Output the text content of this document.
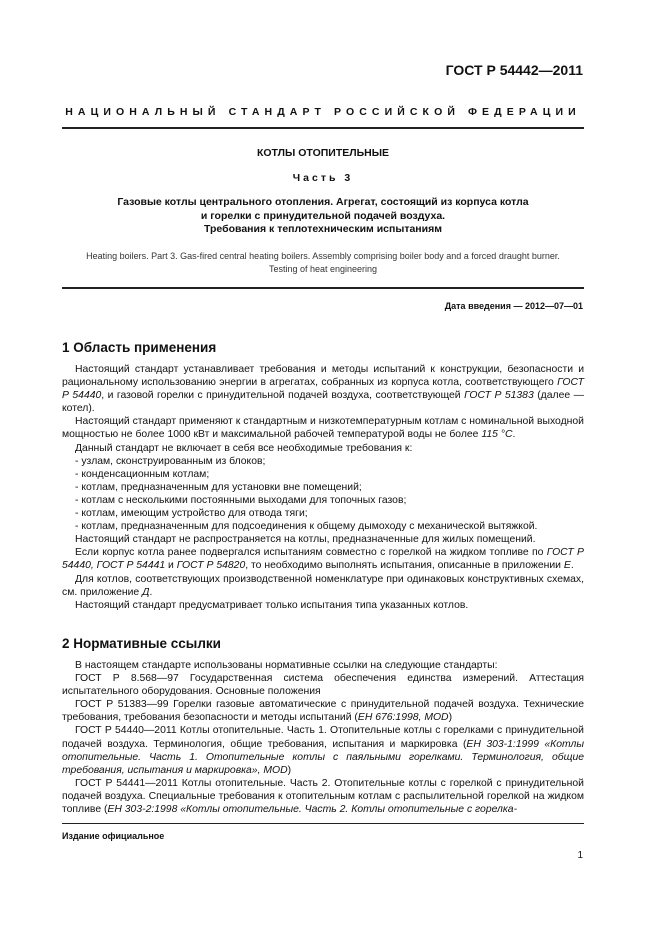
ГОСТ Р 54442—2011
НАЦИОНАЛЬНЫЙ СТАНДАРТ РОССИЙСКОЙ ФЕДЕРАЦИИ
КОТЛЫ ОТОПИТЕЛЬНЫЕ
Часть 3
Газовые котлы центрального отопления. Агрегат, состоящий из корпуса котла
и горелки с принудительной подачей воздуха.
Требования к теплотехническим испытаниям
Heating boilers. Part 3. Gas-fired central heating boilers. Assembly comprising boiler body and a forced draught burner.
Testing of heat engineering
Дата введения — 2012—07—01
1 Область применения

Настоящий стандарт устанавливает требования и методы испытаний к конструкции, безопасности и рациональному использованию энергии в агрегатах, собранных из корпуса котла, соответствующего ГОСТ Р 54440, и газовой горелки с принудительной подачей воздуха, соответствующей ГОСТ Р 51383 (далее — котел).

Настоящий стандарт применяют к стандартным и низкотемпературным котлам с номинальной выходной мощностью не более 1000 кВт и максимальной рабочей температурой воды не более 115 °С.

Данный стандарт не включает в себя все необходимые требования к:

- узлам, сконструированным из блоков;

- конденсационным котлам;

- котлам, предназначенным для установки вне помещений;

- котлам с несколькими постоянными выходами для топочных газов;

- котлам, имеющим устройство для отвода тяги;

- котлам, предназначенным для подсоединения к общему дымоходу с механической вытяжкой.

Настоящий стандарт не распространяется на котлы, предназначенные для жилых помещений.

Если корпус котла ранее подвергался испытаниям совместно с горелкой на жидком топливе по ГОСТ Р 54440, ГОСТ Р 54441 и ГОСТ Р 54820, то необходимо выполнять испытания, описанные в приложении Е.

Для котлов, соответствующих производственной номенклатуре при одинаковых конструктивных схемах, см. приложение Д.

Настоящий стандарт предусматривает только испытания типа указанных котлов.

2 Нормативные ссылки

В настоящем стандарте использованы нормативные ссылки на следующие стандарты:

ГОСТ Р 8.568—97 Государственная система обеспечения единства измерений. Аттестация испытательного оборудования. Основные положения

ГОСТ Р 51383—99 Горелки газовые автоматические с принудительной подачей воздуха. Технические требования, требования безопасности и методы испытаний (ЕН 676:1998, MOD)

ГОСТ Р 54440—2011 Котлы отопительные. Часть 1. Отопительные котлы с горелками с принудительной подачей воздуха. Терминология, общие требования, испытания и маркировка (ЕН 303-1:1999 «Котлы отопительные. Часть 1. Отопительные котлы с паяльными горелками. Терминология, общие требования, испытания и маркировка», MOD)

ГОСТ Р 54441—2011 Котлы отопительные. Часть 2. Отопительные котлы с горелкой с принудительной подачей воздуха. Специальные требования к отопительным котлам с распылительной горелкой на жидком топливе (ЕН 303-2:1998 «Котлы отопительные. Часть 2. Котлы отопительные с горелка-

Издание официальное
1
